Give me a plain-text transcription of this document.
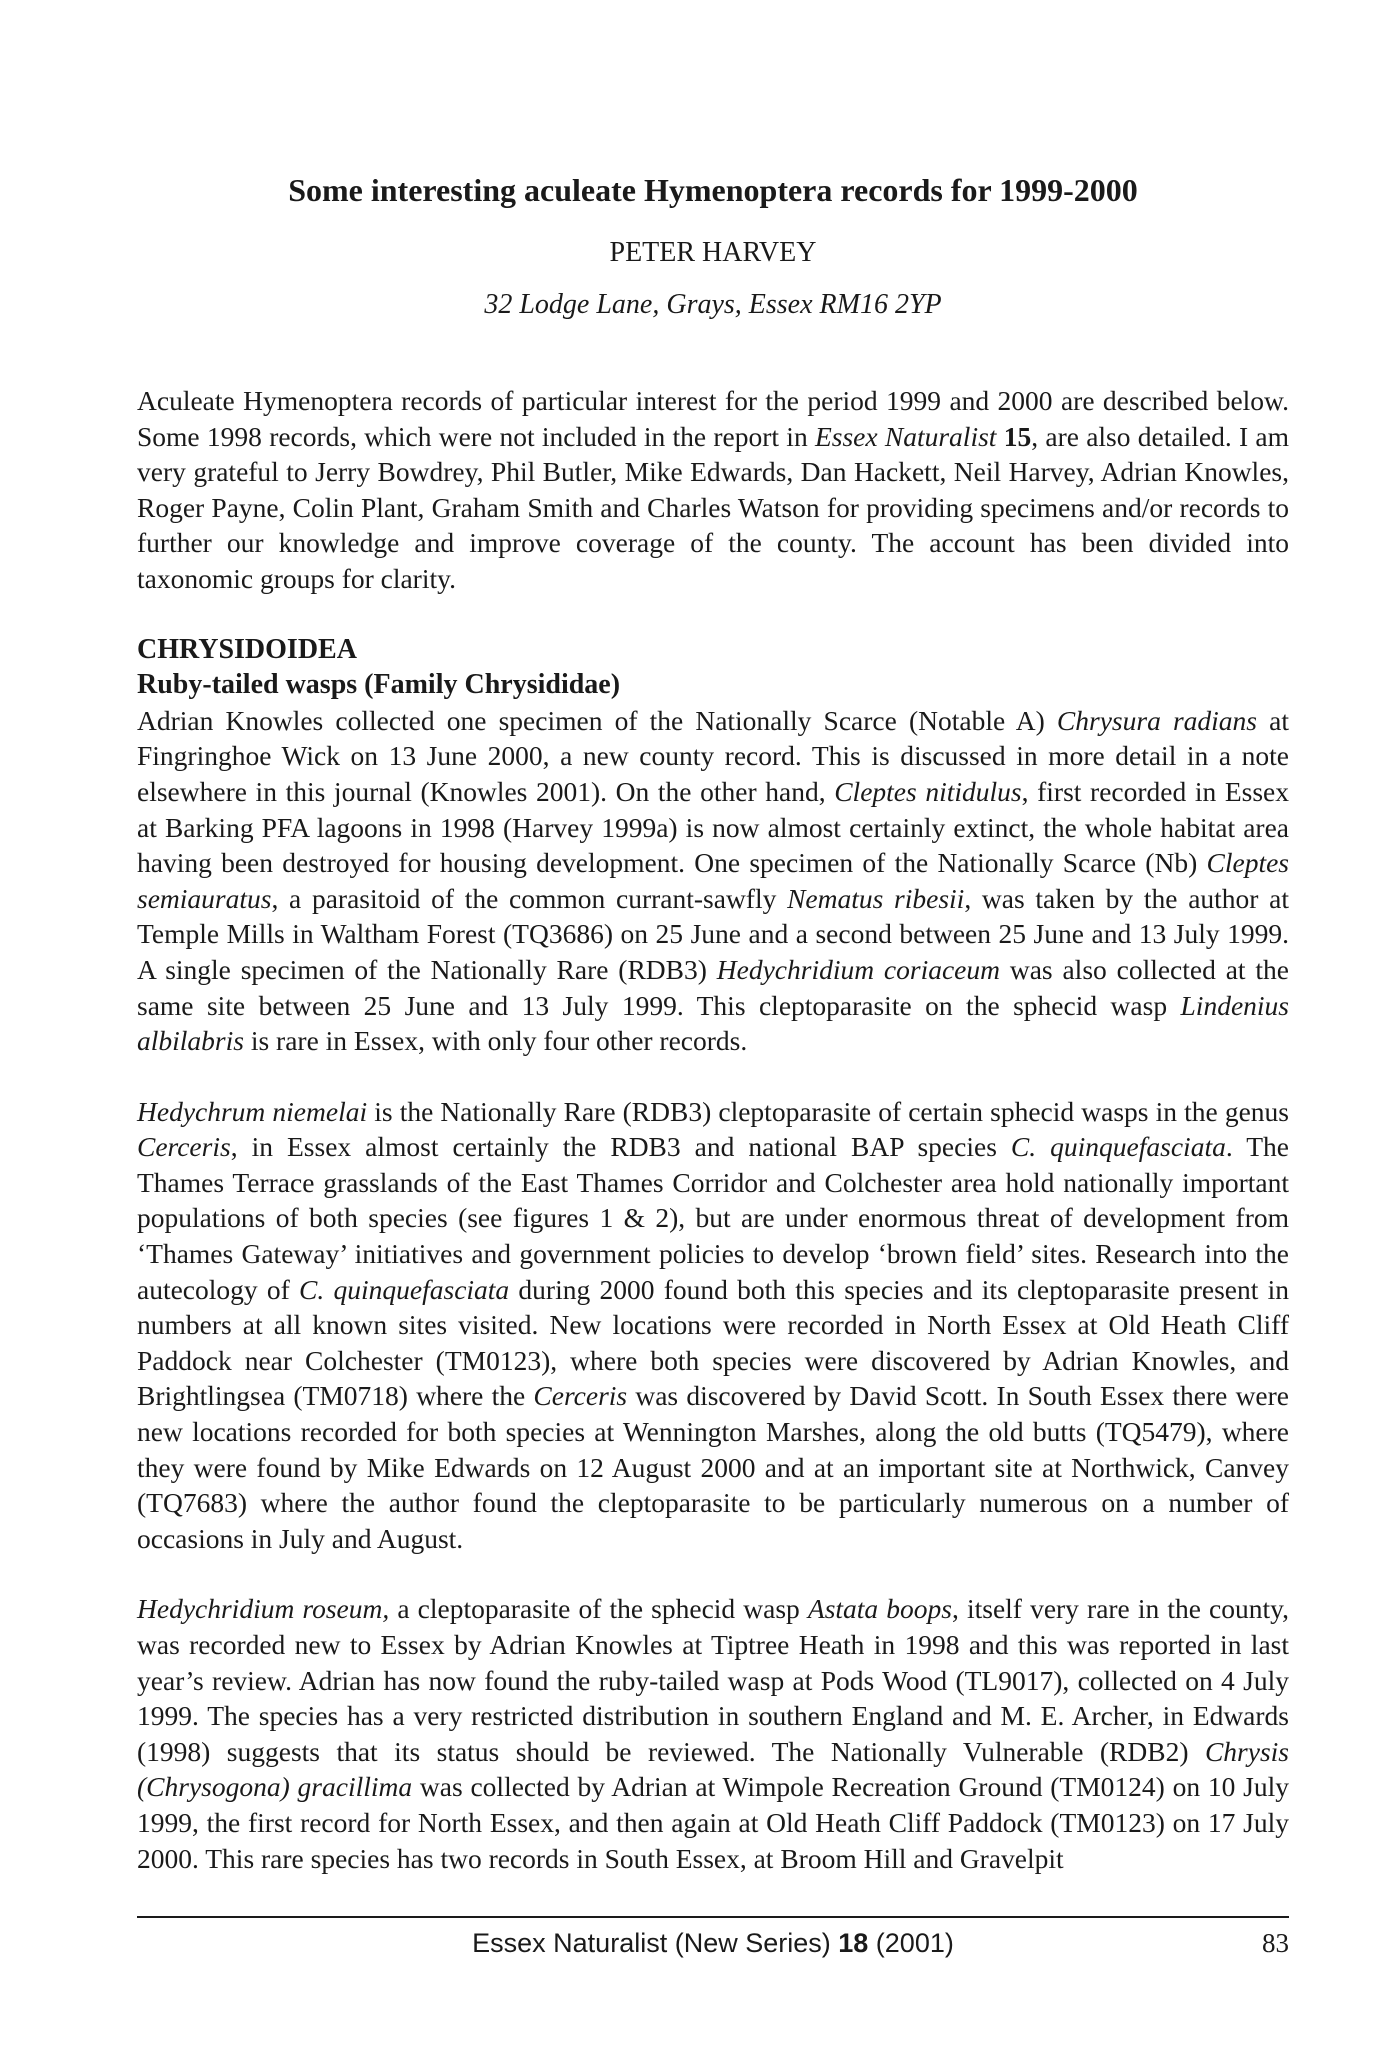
Some interesting aculeate Hymenoptera records for 1999-2000
PETER HARVEY
32 Lodge Lane, Grays, Essex RM16 2YP

Aculeate Hymenoptera records of particular interest for the period 1999 and 2000 are described below. Some 1998 records, which were not included in the report in Essex Naturalist 15, are also detailed. I am very grateful to Jerry Bowdrey, Phil Butler, Mike Edwards, Dan Hackett, Neil Harvey, Adrian Knowles, Roger Payne, Colin Plant, Graham Smith and Charles Watson for providing specimens and/or records to further our knowledge and improve coverage of the county. The account has been divided into taxonomic groups for clarity.

CHRYSIDOIDEA
Ruby-tailed wasps (Family Chrysididae)

Adrian Knowles collected one specimen of the Nationally Scarce (Notable A) Chrysura radians at Fingringhoe Wick on 13 June 2000, a new county record. This is discussed in more detail in a note elsewhere in this journal (Knowles 2001). On the other hand, Cleptes nitidulus, first recorded in Essex at Barking PFA lagoons in 1998 (Harvey 1999a) is now almost certainly extinct, the whole habitat area having been destroyed for housing development. One specimen of the Nationally Scarce (Nb) Cleptes semiauratus, a parasitoid of the common currant-sawfly Nematus ribesii, was taken by the author at Temple Mills in Waltham Forest (TQ3686) on 25 June and a second between 25 June and 13 July 1999. A single specimen of the Nationally Rare (RDB3) Hedychridium coriaceum was also collected at the same site between 25 June and 13 July 1999. This cleptoparasite on the sphecid wasp Lindenius albilabris is rare in Essex, with only four other records.

Hedychrum niemelai is the Nationally Rare (RDB3) cleptoparasite of certain sphecid wasps in the genus Cerceris, in Essex almost certainly the RDB3 and national BAP species C. quinquefasciata. The Thames Terrace grasslands of the East Thames Corridor and Colchester area hold nationally important populations of both species (see figures 1 & 2), but are under enormous threat of development from ‘Thames Gateway’ initiatives and government policies to develop ‘brown field’ sites. Research into the autecology of C. quinquefasciata during 2000 found both this species and its cleptoparasite present in numbers at all known sites visited. New locations were recorded in North Essex at Old Heath Cliff Paddock near Colchester (TM0123), where both species were discovered by Adrian Knowles, and Brightlingsea (TM0718) where the Cerceris was discovered by David Scott. In South Essex there were new locations recorded for both species at Wennington Marshes, along the old butts (TQ5479), where they were found by Mike Edwards on 12 August 2000 and at an important site at Northwick, Canvey (TQ7683) where the author found the cleptoparasite to be particularly numerous on a number of occasions in July and August.

Hedychridium roseum, a cleptoparasite of the sphecid wasp Astata boops, itself very rare in the county, was recorded new to Essex by Adrian Knowles at Tiptree Heath in 1998 and this was reported in last year’s review. Adrian has now found the ruby-tailed wasp at Pods Wood (TL9017), collected on 4 July 1999. The species has a very restricted distribution in southern England and M. E. Archer, in Edwards (1998) suggests that its status should be reviewed. The Nationally Vulnerable (RDB2) Chrysis (Chrysogona) gracillima was collected by Adrian at Wimpole Recreation Ground (TM0124) on 10 July 1999, the first record for North Essex, and then again at Old Heath Cliff Paddock (TM0123) on 17 July 2000. This rare species has two records in South Essex, at Broom Hill and Gravelpit

Essex Naturalist (New Series) 18 (2001)	83
